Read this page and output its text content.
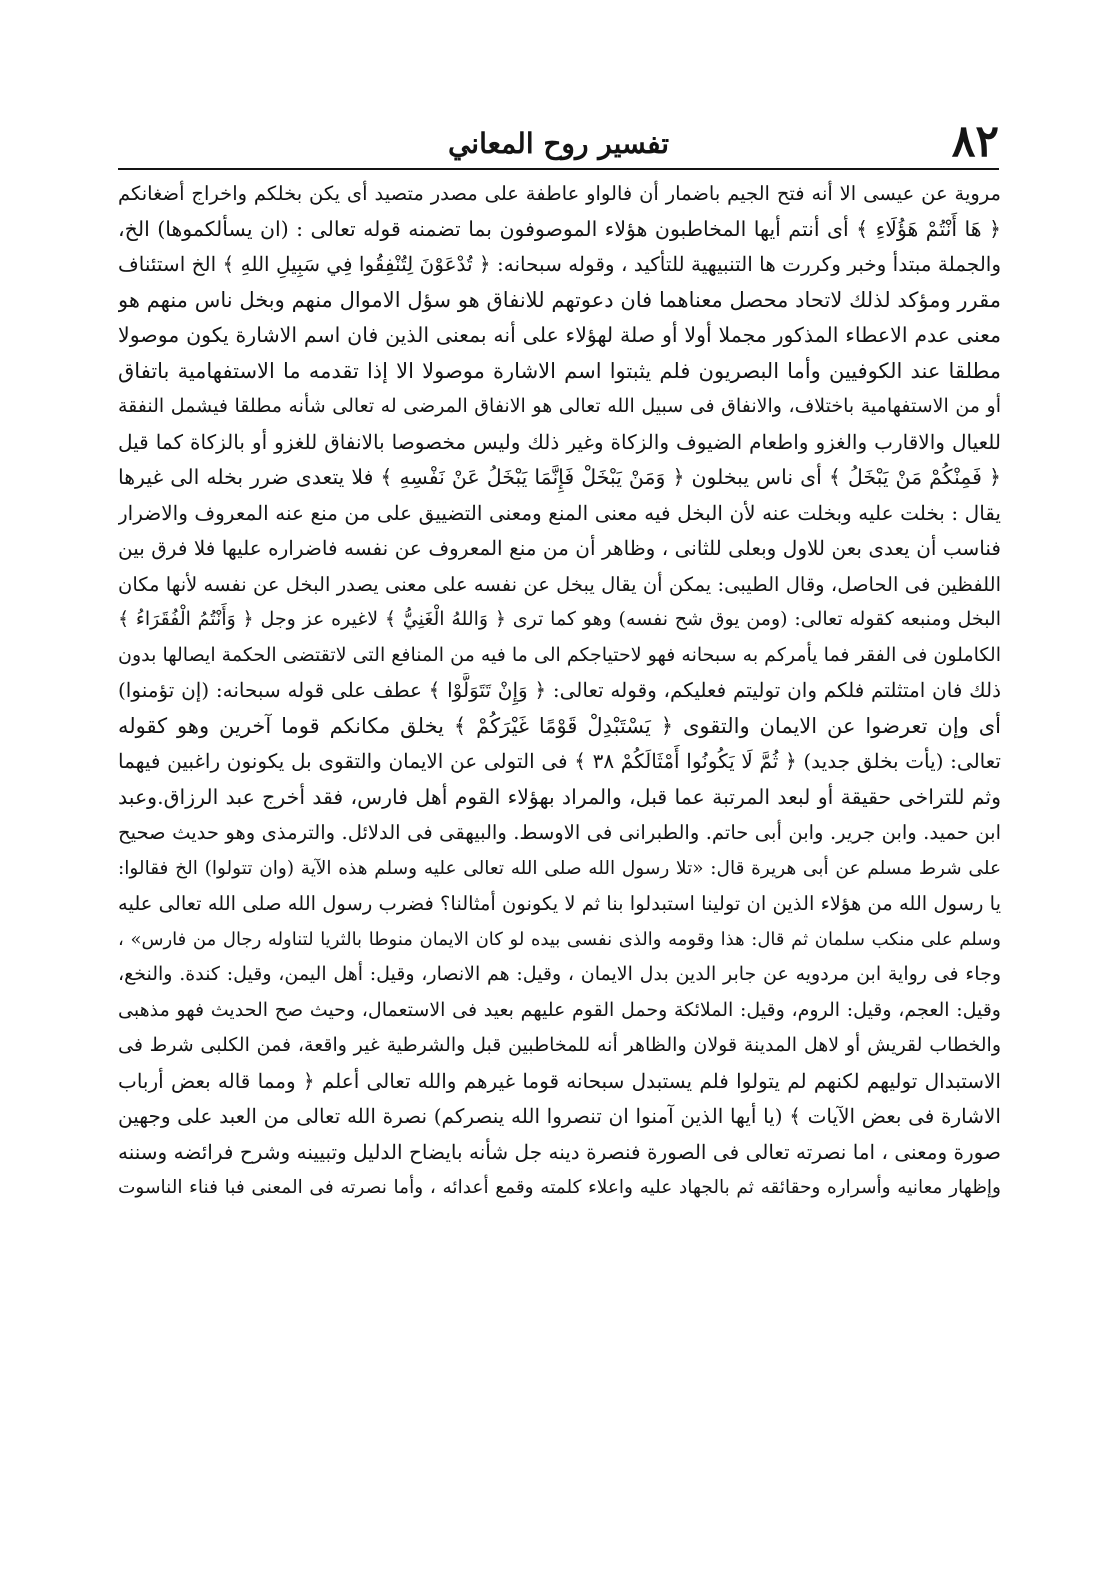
٨٢
تفسير روح المعاني
مروية عن عيسى الا أنه فتح الجيم باضمار أن فالواو عاطفة على مصدر متصيد أى يكن بخلكم واخراج أضغانكم
﴿ هَا أَنْتُمْ هَؤُلَاءِ ﴾ أى أنتم أيها المخاطبون هؤلاء الموصوفون بما تضمنه قوله تعالى : (ان يسألكموها) الخ،
والجملة مبتدأ وخبر وكررت ها التنبيهية للتأكيد ، وقوله سبحانه: ﴿ تُدْعَوْنَ لِتُنْفِقُوا فِي سَبِيلِ اللهِ ﴾ الخ استئناف
مقرر ومؤكد لذلك لاتحاد محصل معناهما فان دعوتهم للانفاق هو سؤل الاموال منهم وبخل ناس منهم هو
معنى عدم الاعطاء المذكور مجملا أولا أو صلة لهؤلاء على أنه بمعنى الذين فان اسم الاشارة يكون موصولا
مطلقا عند الكوفيين وأما البصريون فلم يثبتوا اسم الاشارة موصولا الا إذا تقدمه ما الاستفهامية باتفاق
أو من الاستفهامية باختلاف، والانفاق فى سبيل الله تعالى هو الانفاق المرضى له تعالى شأنه مطلقا فيشمل النفقة
للعيال والاقارب والغزو واطعام الضيوف والزكاة وغير ذلك وليس مخصوصا بالانفاق للغزو أو بالزكاة كما قيل
﴿ فَمِنْكُمْ مَنْ يَبْخَلُ ﴾ أى ناس يبخلون ﴿ وَمَنْ يَبْخَلْ فَإِنَّمَا يَبْخَلُ عَنْ نَفْسِهِ ﴾ فلا يتعدى ضرر بخله الى غيرها
يقال : بخلت عليه وبخلت عنه لأن البخل فيه معنى المنع ومعنى التضييق على من منع عنه المعروف والاضرار
فناسب أن يعدى بعن للاول وبعلى للثانى ، وظاهر أن من منع المعروف عن نفسه فاضراره عليها فلا فرق بين
اللفظين فى الحاصل، وقال الطيبى: يمكن أن يقال يبخل عن نفسه على معنى يصدر البخل عن نفسه لأنها مكان
البخل ومنبعه كقوله تعالى: (ومن يوق شح نفسه) وهو كما ترى ﴿ وَاللهُ الْغَنِيُّ ﴾ لاغيره عز وجل ﴿ وَأَنْتُمُ الْفُقَرَاءُ ﴾
الكاملون فى الفقر فما يأمركم به سبحانه فهو لاحتياجكم الى ما فيه من المنافع التى لاتقتضى الحكمة ايصالها بدون
ذلك فان امتثلتم فلكم وان توليتم فعليكم، وقوله تعالى: ﴿ وَإِنْ تَتَوَلَّوْا ﴾ عطف على قوله سبحانه: (إن تؤمنوا)
أى وإن تعرضوا عن الايمان والتقوى ﴿ يَسْتَبْدِلْ قَوْمًا غَيْرَكُمْ ﴾ يخلق مكانكم قوما آخرين وهو كقوله
تعالى: (يأت بخلق جديد) ﴿ ثُمَّ لَا يَكُونُوا أَمْثَالَكُمْ ٣٨ ﴾ فى التولى عن الايمان والتقوى بل يكونون راغبين فيهما
وثم للتراخى حقيقة أو لبعد المرتبة عما قبل، والمراد بهؤلاء القوم أهل فارس، فقد أخرج عبد الرزاق.وعبد
ابن حميد. وابن جرير. وابن أبى حاتم. والطبرانى فى الاوسط. والبيهقى فى الدلائل. والترمذى وهو حديث صحيح
على شرط مسلم عن أبى هريرة قال: «تلا رسول الله صلى الله تعالى عليه وسلم هذه الآية (وان تتولوا) الخ فقالوا:
يا رسول الله من هؤلاء الذين ان تولينا استبدلوا بنا ثم لا يكونون أمثالنا؟ فضرب رسول الله صلى الله تعالى عليه
وسلم على منكب سلمان ثم قال: هذا وقومه والذى نفسى بيده لو كان الايمان منوطا بالثريا لتناوله رجال من فارس» ،
وجاء فى رواية ابن مردويه عن جابر الدين بدل الايمان ، وقيل: هم الانصار، وقيل: أهل اليمن، وقيل: كندة. والنخع،
وقيل: العجم، وقيل: الروم، وقيل: الملائكة وحمل القوم عليهم بعيد فى الاستعمال، وحيث صح الحديث فهو مذهبى
والخطاب لقريش أو لاهل المدينة قولان والظاهر أنه للمخاطبين قبل والشرطية غير واقعة، فمن الكلبى شرط فى
الاستبدال توليهم لكنهم لم يتولوا فلم يستبدل سبحانه قوما غيرهم والله تعالى أعلم ﴿ ومما قاله بعض أرباب
الاشارة فى بعض الآيات ﴾ (يا أيها الذين آمنوا ان تنصروا الله ينصركم) نصرة الله تعالى من العبد على وجهين
صورة ومعنى ، اما نصرته تعالى فى الصورة فنصرة دينه جل شأنه بايضاح الدليل وتبيينه وشرح فرائضه وسننه
وإظهار معانيه وأسراره وحقائقه ثم بالجهاد عليه واعلاء كلمته وقمع أعدائه ، وأما نصرته فى المعنى فبا فناء الناسوت
